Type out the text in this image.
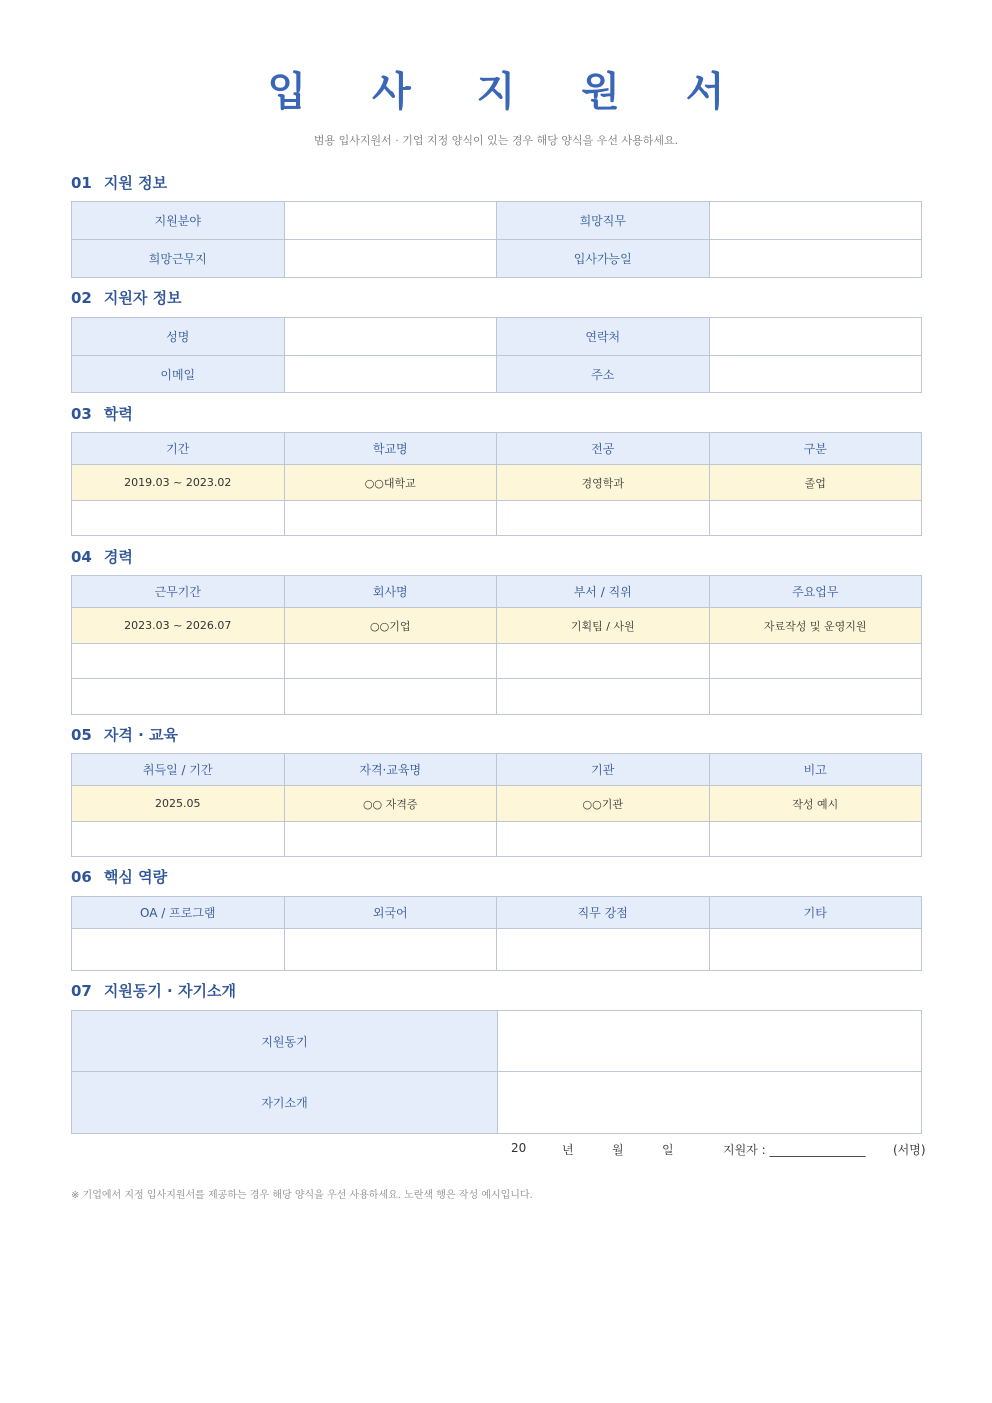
입 사 지 원 서
범용 입사지원서 · 기업 지정 양식이 있는 경우 해당 양식을 우선 사용하세요.
01 지원 정보
지원분야		희망직무	
희망근무지		입사가능일	
02 지원자 정보
성명		연락처	
이메일		주소	
03 학력
기간	학교명	전공	구분
2019.03 ~ 2023.02	○○대학교	경영학과	졸업

04 경력
근무기간	회사명	부서 / 직위	주요업무
2023.03 ~ 2026.07	○○기업	기획팀 / 사원	자료작성 및 운영지원

05 자격 · 교육
취득일 / 기간	자격·교육명	기관	비고
2025.05	○○ 자격증	○○기관	작성 예시

06 핵심 역량
OA / 프로그램	외국어	직무 강점	기타

07 지원동기 · 자기소개
지원동기	
자기소개	
20	년	월	일	지원자 : ________________ (서명)
※ 기업에서 지정 입사지원서를 제공하는 경우 해당 양식을 우선 사용하세요. 노란색 행은 작성 예시입니다.
